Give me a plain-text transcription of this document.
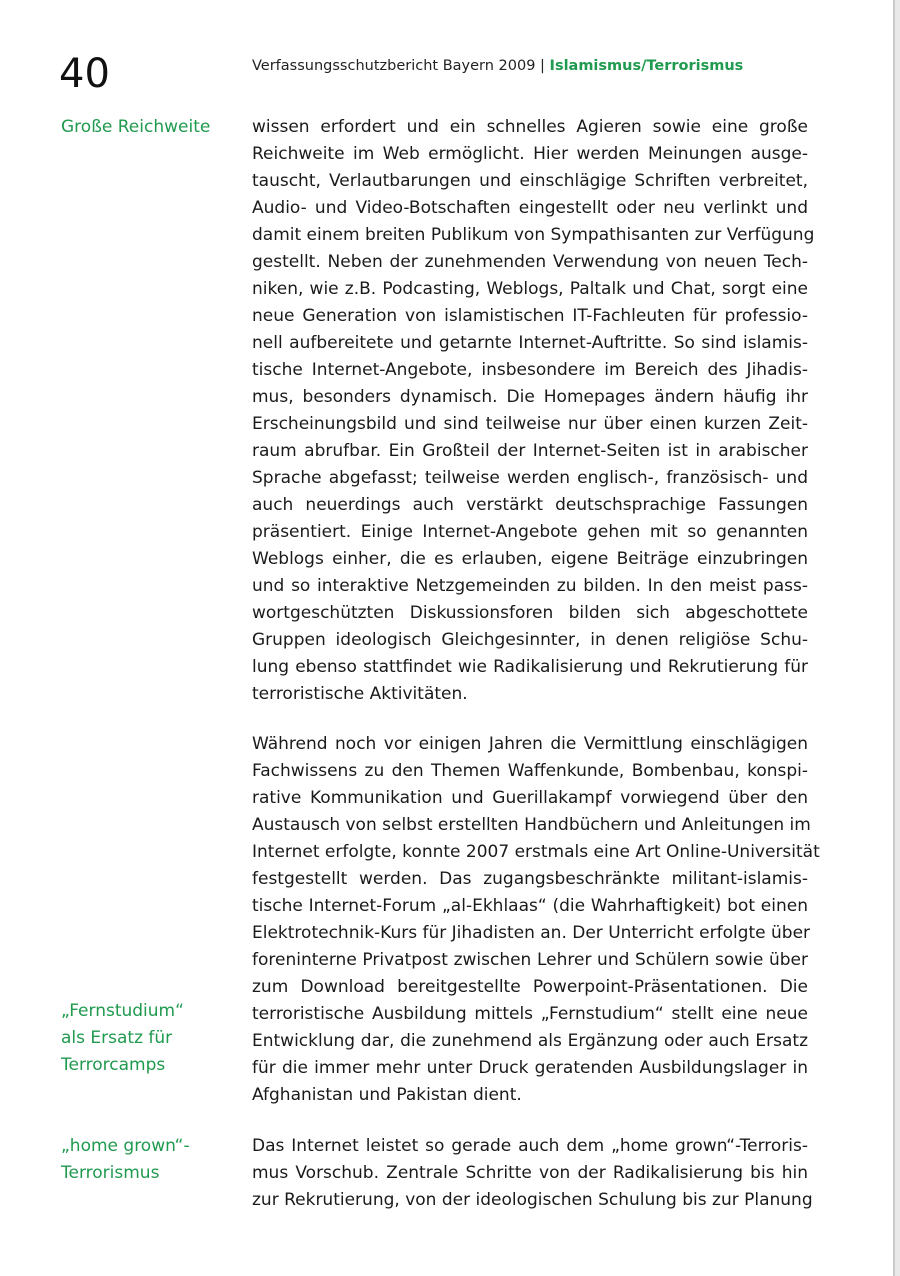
40	Verfassungsschutzbericht Bayern 2009 | Islamismus/Terrorismus
Große Reichweite
„Fernstudium“
als Ersatz für
Terrorcamps
„home grown“-
Terrorismus
wissen erfordert und ein schnelles Agieren sowie eine große
Reichweite im Web ermöglicht. Hier werden Meinungen ausge-
tauscht, Verlautbarungen und einschlägige Schriften verbreitet,
Audio- und Video-Botschaften eingestellt oder neu verlinkt und
damit einem breiten Publikum von Sympathisanten zur Verfügung
gestellt. Neben der zunehmenden Verwendung von neuen Tech-
niken, wie z.B. Podcasting, Weblogs, Paltalk und Chat, sorgt eine
neue Generation von islamistischen IT-Fachleuten für professio-
nell aufbereitete und getarnte Internet-Auftritte. So sind islamis-
tische Internet-Angebote, insbesondere im Bereich des Jihadis-
mus, besonders dynamisch. Die Homepages ändern häufig ihr
Erscheinungsbild und sind teilweise nur über einen kurzen Zeit-
raum abrufbar. Ein Großteil der Internet-Seiten ist in arabischer
Sprache abgefasst; teilweise werden englisch-, französisch- und
auch neuerdings auch verstärkt deutschsprachige Fassungen
präsentiert. Einige Internet-Angebote gehen mit so genannten
Weblogs einher, die es erlauben, eigene Beiträge einzubringen
und so interaktive Netzgemeinden zu bilden. In den meist pass-
wortgeschützten Diskussionsforen bilden sich abgeschottete
Gruppen ideologisch Gleichgesinnter, in denen religiöse Schu-
lung ebenso stattfindet wie Radikalisierung und Rekrutierung für
terroristische Aktivitäten.
Während noch vor einigen Jahren die Vermittlung einschlägigen
Fachwissens zu den Themen Waffenkunde, Bombenbau, konspi-
rative Kommunikation und Guerillakampf vorwiegend über den
Austausch von selbst erstellten Handbüchern und Anleitungen im
Internet erfolgte, konnte 2007 erstmals eine Art Online-Universität
festgestellt werden. Das zugangsbeschränkte militant-islamis-
tische Internet-Forum „al-Ekhlaas“ (die Wahrhaftigkeit) bot einen
Elektrotechnik-Kurs für Jihadisten an. Der Unterricht erfolgte über
foreninterne Privatpost zwischen Lehrer und Schülern sowie über
zum Download bereitgestellte Powerpoint-Präsentationen. Die
terroristische Ausbildung mittels „Fernstudium“ stellt eine neue
Entwicklung dar, die zunehmend als Ergänzung oder auch Ersatz
für die immer mehr unter Druck geratenden Ausbildungslager in
Afghanistan und Pakistan dient.
Das Internet leistet so gerade auch dem „home grown“-Terroris-
mus Vorschub. Zentrale Schritte von der Radikalisierung bis hin
zur Rekrutierung, von der ideologischen Schulung bis zur Planung
